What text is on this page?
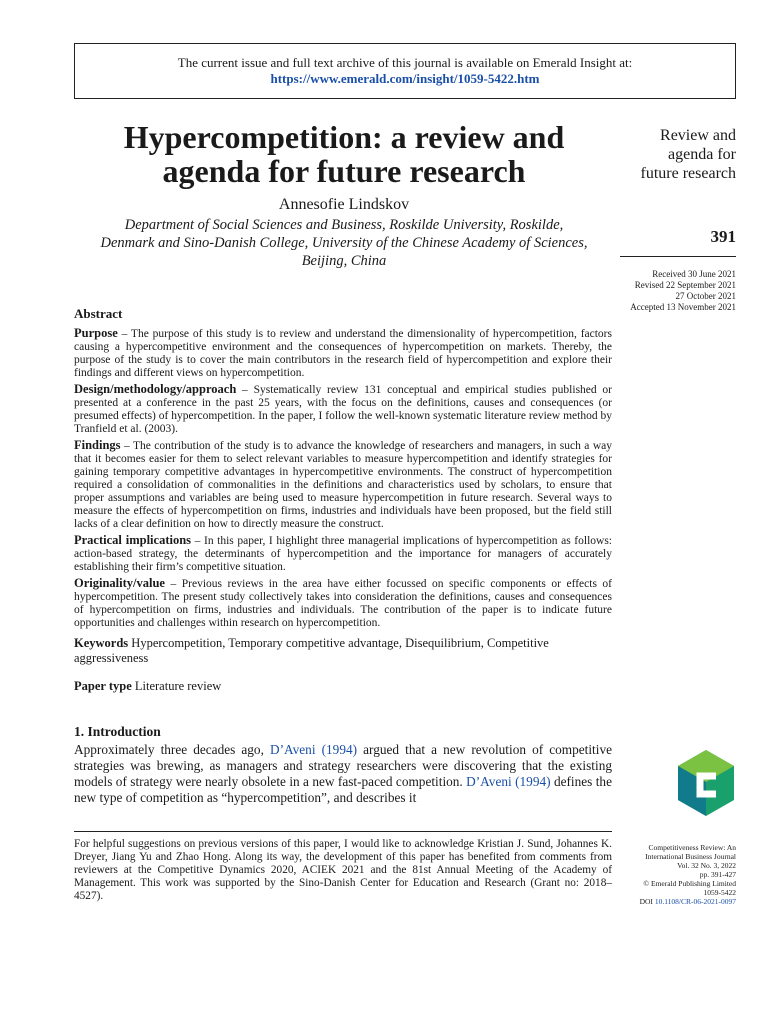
The current issue and full text archive of this journal is available on Emerald Insight at:
https://www.emerald.com/insight/1059-5422.htm
Hypercompetition: a review and
agenda for future research
Annesofie Lindskov
Department of Social Sciences and Business, Roskilde University, Roskilde,
Denmark and Sino-Danish College, University of the Chinese Academy of Sciences,
Beijing, China
Review and
agenda for
future research
391
Received 30 June 2021
Revised 22 September 2021
27 October 2021
Accepted 13 November 2021
Abstract

Purpose – The purpose of this study is to review and understand the dimensionality of hypercompetition, factors causing a hypercompetitive environment and the consequences of hypercompetition on markets. Thereby, the purpose of the study is to cover the main contributors in the research field of hypercompetition and explore their findings and different views on hypercompetition.

Design/methodology/approach – Systematically review 131 conceptual and empirical studies published or presented at a conference in the past 25 years, with the focus on the definitions, causes and consequences (or presumed effects) of hypercompetition. In the paper, I follow the well-known systematic literature review method by Tranfield et al. (2003).

Findings – The contribution of the study is to advance the knowledge of researchers and managers, in such a way that it becomes easier for them to select relevant variables to measure hypercompetition and identify strategies for gaining temporary competitive advantages in hypercompetitive environments. The construct of hypercompetition required a consolidation of commonalities in the definitions and characteristics used by scholars, to ensure that proper assumptions and variables are being used to measure hypercompetition in future research. Several ways to measure the effects of hypercompetition on firms, industries and individuals have been proposed, but the field still lacks of a clear definition on how to directly measure the construct.

Practical implications – In this paper, I highlight three managerial implications of hypercompetition as follows: action-based strategy, the determinants of hypercompetition and the importance for managers of accurately establishing their firm’s competitive situation.

Originality/value – Previous reviews in the area have either focussed on specific components or effects of hypercompetition. The present study collectively takes into consideration the definitions, causes and consequences of hypercompetition on firms, industries and individuals. The contribution of the paper is to indicate future opportunities and challenges within research on hypercompetition.

Keywords Hypercompetition, Temporary competitive advantage, Disequilibrium, Competitive aggressiveness

Paper type Literature review

1. Introduction

Approximately three decades ago, D’Aveni (1994) argued that a new revolution of competitive strategies was brewing, as managers and strategy researchers were discovering that the existing models of strategy were nearly obsolete in a new fast-paced competition. D’Aveni (1994) defines the new type of competition as “hypercompetition”, and describes it

For helpful suggestions on previous versions of this paper, I would like to acknowledge Kristian J. Sund, Johannes K. Dreyer, Jiang Yu and Zhao Hong. Along its way, the development of this paper has benefited from comments from reviewers at the Competitive Dynamics 2020, ACIEK 2021 and the 81st Annual Meeting of the Academy of Management. This work was supported by the Sino-Danish Center for Education and Research (Grant no: 2018–4527).
Competitiveness Review: An
International Business Journal
Vol. 32 No. 3, 2022
pp. 391-427
© Emerald Publishing Limited
1059-5422
DOI 10.1108/CR-06-2021-0097
